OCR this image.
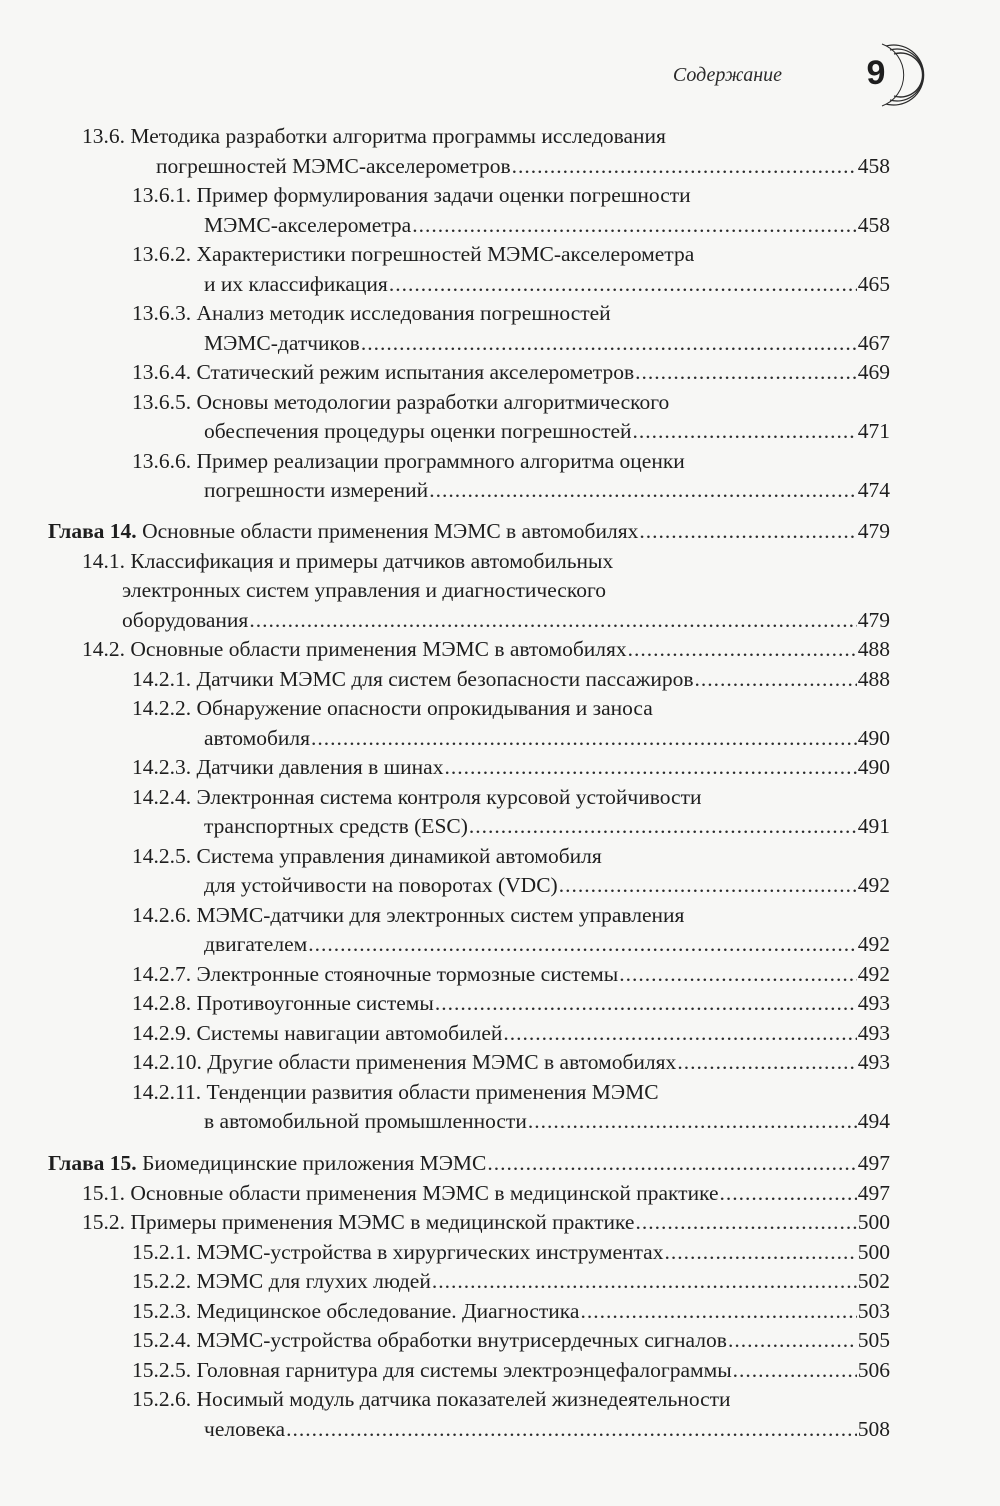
Содержание 9
13.6. Методика разработки алгоритма программы исследования
погрешностей МЭМС-акселерометров .....	458
13.6.1. Пример формулирования задачи оценки погрешности
МЭМС-акселерометра .....	458
13.6.2. Характеристики погрешностей МЭМС-акселерометра
и их классификация .....	465
13.6.3. Анализ методик исследования погрешностей
МЭМС-датчиков .....	467
13.6.4. Статический режим испытания акселерометров .....	469
13.6.5. Основы методологии разработки алгоритмического
обеспечения процедуры оценки погрешностей .....	471
13.6.6. Пример реализации программного алгоритма оценки
погрешности измерений .....	474
Глава 14. Основные области применения МЭМС в автомобилях .....	479
14.1. Классификация и примеры датчиков автомобильных
электронных систем управления и диагностического
оборудования .....	479
14.2. Основные области применения МЭМС в автомобилях .....	488
14.2.1. Датчики МЭМС для систем безопасности пассажиров .....	488
14.2.2. Обнаружение опасности опрокидывания и заноса
автомобиля .....	490
14.2.3. Датчики давления в шинах .....	490
14.2.4. Электронная система контроля курсовой устойчивости
транспортных средств (ESC) .....	491
14.2.5. Система управления динамикой автомобиля
для устойчивости на поворотах (VDC) .....	492
14.2.6. МЭМС-датчики для электронных систем управления
двигателем .....	492
14.2.7. Электронные стояночные тормозные системы .....	492
14.2.8. Противоугонные системы .....	493
14.2.9. Системы навигации автомобилей .....	493
14.2.10. Другие области применения МЭМС в автомобилях .....	493
14.2.11. Тенденции развития области применения МЭМС
в автомобильной промышленности .....	494
Глава 15. Биомедицинские приложения МЭМС .....	497
15.1. Основные области применения МЭМС в медицинской практике .....	497
15.2. Примеры применения МЭМС в медицинской практике .....	500
15.2.1. МЭМС-устройства в хирургических инструментах .....	500
15.2.2. МЭМС для глухих людей .....	502
15.2.3. Медицинское обследование. Диагностика .....	503
15.2.4. МЭМС-устройства обработки внутрисердечных сигналов .....	505
15.2.5. Головная гарнитура для системы электроэнцефалограммы .....	506
15.2.6. Носимый модуль датчика показателей жизнедеятельности
человека .....	508
